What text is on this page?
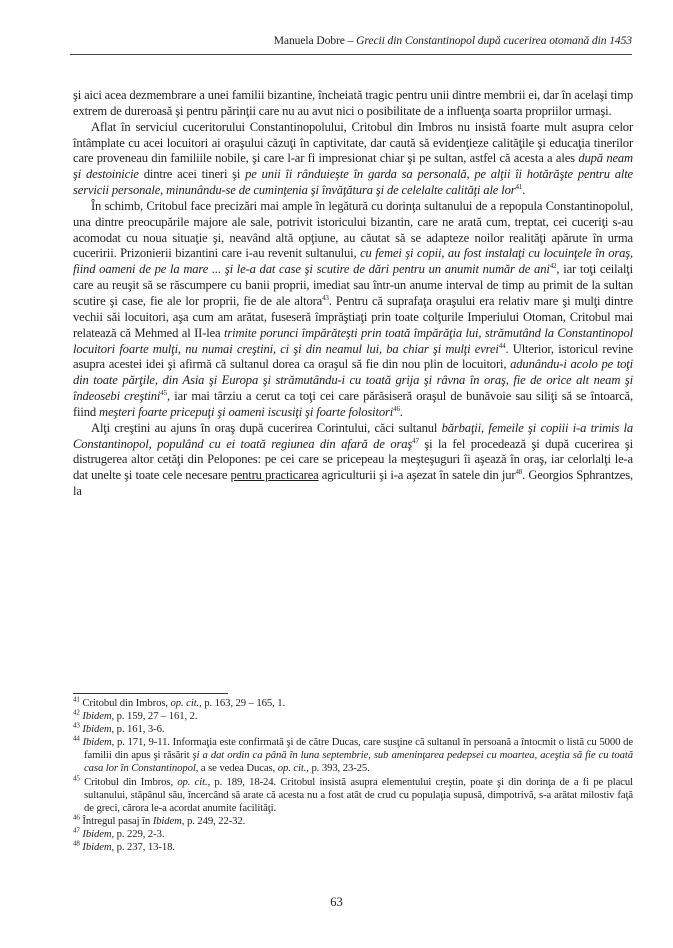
Manuela Dobre – Grecii din Constantinopol după cucerirea otomană din 1453

şi aici acea dezmembrare a unei familii bizantine, încheiată tragic pentru unii dintre membrii ei, dar în acelaşi timp extrem de dureroasă şi pentru părinţii care nu au avut nici o posibilitate de a influenţa soarta propriilor urmaşi.

Aflat în serviciul cuceritorului Constantinopolului, Critobul din Imbros nu insistă foarte mult asupra celor întâmplate cu acei locuitori ai oraşului căzuţi în captivitate, dar caută să evidenţieze calităţile şi educaţia tinerilor care proveneau din familiile nobile, şi care l-ar fi impresionat chiar şi pe sultan, astfel că acesta a ales după neam şi destoinicie dintre acei tineri şi pe unii îi rânduieşte în garda sa personală, pe alţii îi hotărăşte pentru alte servicii personale, minunându-se de cuminţenia şi învăţătura şi de celelalte calităţi ale lor$^{41}$.

În schimb, Critobul face precizări mai ample în legătură cu dorinţa sultanului de a repopula Constantinopolul, una dintre preocupările majore ale sale, potrivit istoricului bizantin, care ne arată cum, treptat, cei cuceriţi s-au acomodat cu noua situaţie şi, neavând altă opţiune, au căutat să se adapteze noilor realităţi apărute în urma cuceririi. Prizonierii bizantini care i-au revenit sultanului, cu femei şi copii, au fost instalaţi cu locuinţele în oraş, fiind oameni de pe la mare ... şi le-a dat case şi scutire de dări pentru un anumit număr de ani$^{42}$, iar toţi ceilalţi care au reuşit să se răscumpere cu banii proprii, imediat sau într-un anume interval de timp au primit de la sultan scutire şi case, fie ale lor proprii, fie de ale altora$^{43}$. Pentru că suprafaţa oraşului era relativ mare şi mulţi dintre vechii săi locuitori, aşa cum am arătat, fuseseră împrăştiaţi prin toate colţurile Imperiului Otoman, Critobul mai relatează că Mehmed al II-lea trimite porunci împărăteşti prin toată împărăţia lui, strămutând la Constantinopol locuitori foarte mulţi, nu numai creştini, ci şi din neamul lui, ba chiar şi mulţi evrei$^{44}$. Ulterior, istoricul revine asupra acestei idei şi afirmă că sultanul dorea ca oraşul să fie din nou plin de locuitori, adunându-i acolo pe toţi din toate părţile, din Asia şi Europa şi strămutându-i cu toată grija şi râvna în oraş, fie de orice alt neam şi îndeosebi creştini$^{45}$, iar mai târziu a cerut ca toţi cei care părăsiseră oraşul de bunăvoie sau siliţi să se întoarcă, fiind meşteri foarte pricepuţi şi oameni iscusiţi şi foarte folositori$^{46}$.

Alţi creştini au ajuns în oraş după cucerirea Corintului, căci sultanul bărbaţii, femeile şi copiii i-a trimis la Constantinopol, populând cu ei toată regiunea din afară de oraş$^{47}$ şi la fel procedează şi după cucerirea şi distrugerea altor cetăţi din Pelopones: pe cei care se pricepeau la meşteşuguri îi aşează în oraş, iar celorlalţi le-a dat unelte şi toate cele necesare pentru practicarea agriculturii şi i-a aşezat în satele din jur$^{48}$. Georgios Sphrantzes, la

$^{41}$ Critobul din Imbros, op. cit., p. 163, 29 – 165, 1.

$^{42}$ Ibidem, p. 159, 27 – 161, 2.

$^{43}$ Ibidem, p. 161, 3-6.

$^{44}$ Ibidem, p. 171, 9-11. Informaţia este confirmată şi de către Ducas, care susţine că sultanul în persoană a întocmit o listă cu 5000 de familii din apus şi răsărit şi a dat ordin ca până în luna septembrie, sub ameninţarea pedepsei cu moartea, aceştia să fie cu toată casa lor în Constantinopol, a se vedea Ducas, op. cit., p. 393, 23-25.

$^{45}$ Critobul din Imbros, op. cit., p. 189, 18-24. Critobul insistă asupra elementului creştin, poate şi din dorinţa de a fi pe placul sultanului, stăpânul său, încercând să arate că acesta nu a fost atât de crud cu populaţia supusă, dimpotrivă, s-a arătat milostiv faţă de greci, cărora le-a acordat anumite facilităţi.

$^{46}$ Întregul pasaj în Ibidem, p. 249, 22-32.

$^{47}$ Ibidem, p. 229, 2-3.

$^{48}$ Ibidem, p. 237, 13-18.

63
